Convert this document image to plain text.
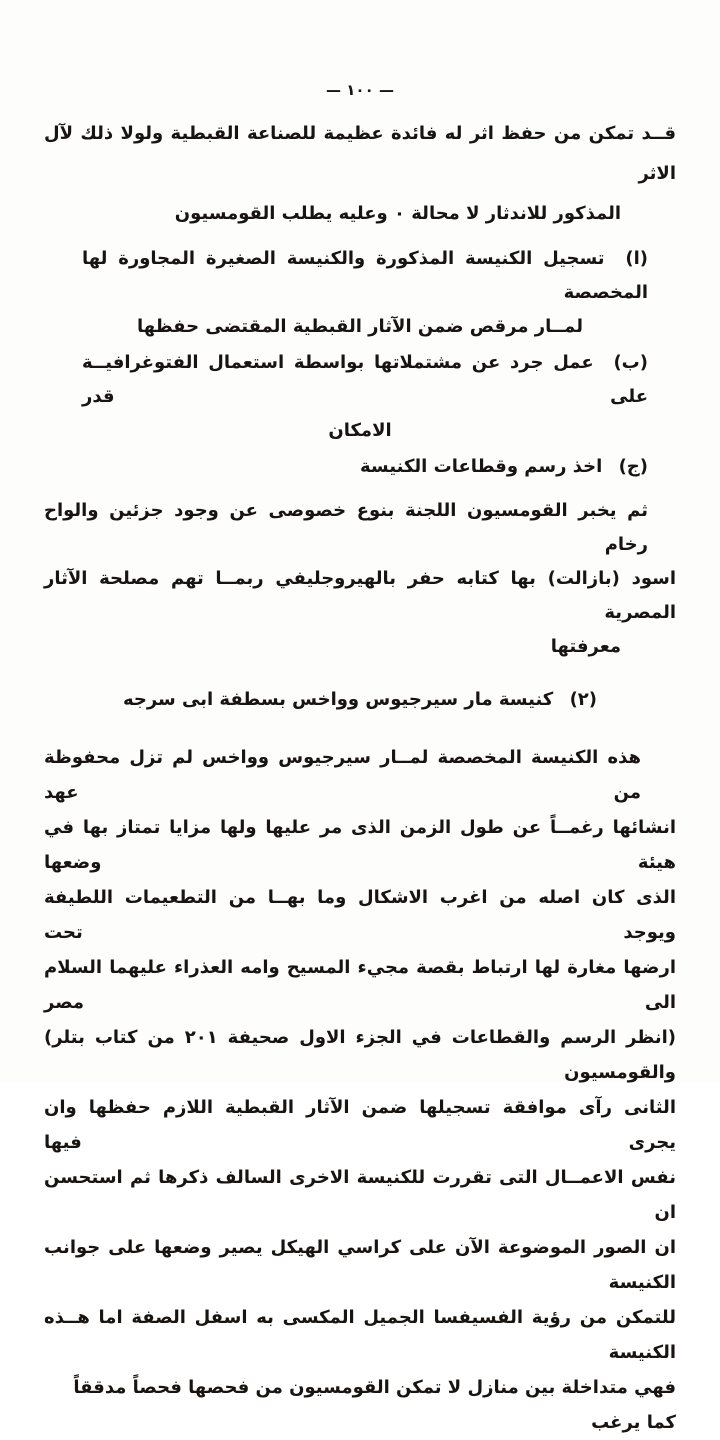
— ١٠٠ —
قــد تمكن من حفظ اثر له فائدة عظيمة للصناعة القبطية ولولا ذلك لآل الاثر
المذكور للاندثار لا محالة ٠ وعليه يطلب القومسيون
(ا) تسجيل الكنيسة المذكورة والكنيسة الصغيرة المجاورة لها المخصصة
لمــار مرقص ضمن الآثار القبطية المقتضى حفظها
(ب) عمل جرد عن مشتملاتها بواسطة استعمال الفتوغرافيــة على قدر
الامكان
(ج) اخذ رسم وقطاعات الكنيسة
ثم يخبر القومسيون اللجنة بنوع خصوصى عن وجود جزئين والواح رخام
اسود (بازالت) بها كتابه حفر بالهيروجليفي ربمــا تهم مصلحة الآثار المصرية
معرفتها
(٢) كنيسة مار سيرجيوس وواخس بسطفة ابى سرجه
هذه الكنيسة المخصصة لمــار سيرجيوس وواخس لم تزل محفوظة من عهد
انشائها رغمــاً عن طول الزمن الذى مر عليها ولها مزايا تمتاز بها في هيئة وضعها
الذى كان اصله من اغرب الاشكال وما بهــا من التطعيمات اللطيفة ويوجد تحت
ارضها مغارة لها ارتباط بقصة مجيء المسيح وامه العذراء عليهما السلام الى مصر
(انظر الرسم والقطاعات في الجزء الاول صحيفة ٢٠١ من كتاب بتلر) والقومسيون
الثانى رآى موافقة تسجيلها ضمن الآثار القبطية اللازم حفظها وان يجرى فيها
نفس الاعمــال التى تقررت للكنيسة الاخرى السالف ذكرها ثم استحسن ان
ان الصور الموضوعة الآن على كراسي الهيكل يصير وضعها على جوانب الكنيسة
للتمكن من رؤية الفسيفسا الجميل المكسى به اسفل الصفة اما هــذه الكنيسة
فهي متداخلة بين منازل لا تمكن القومسيون من فحصها فحصاً مدققاً كما يرغب
